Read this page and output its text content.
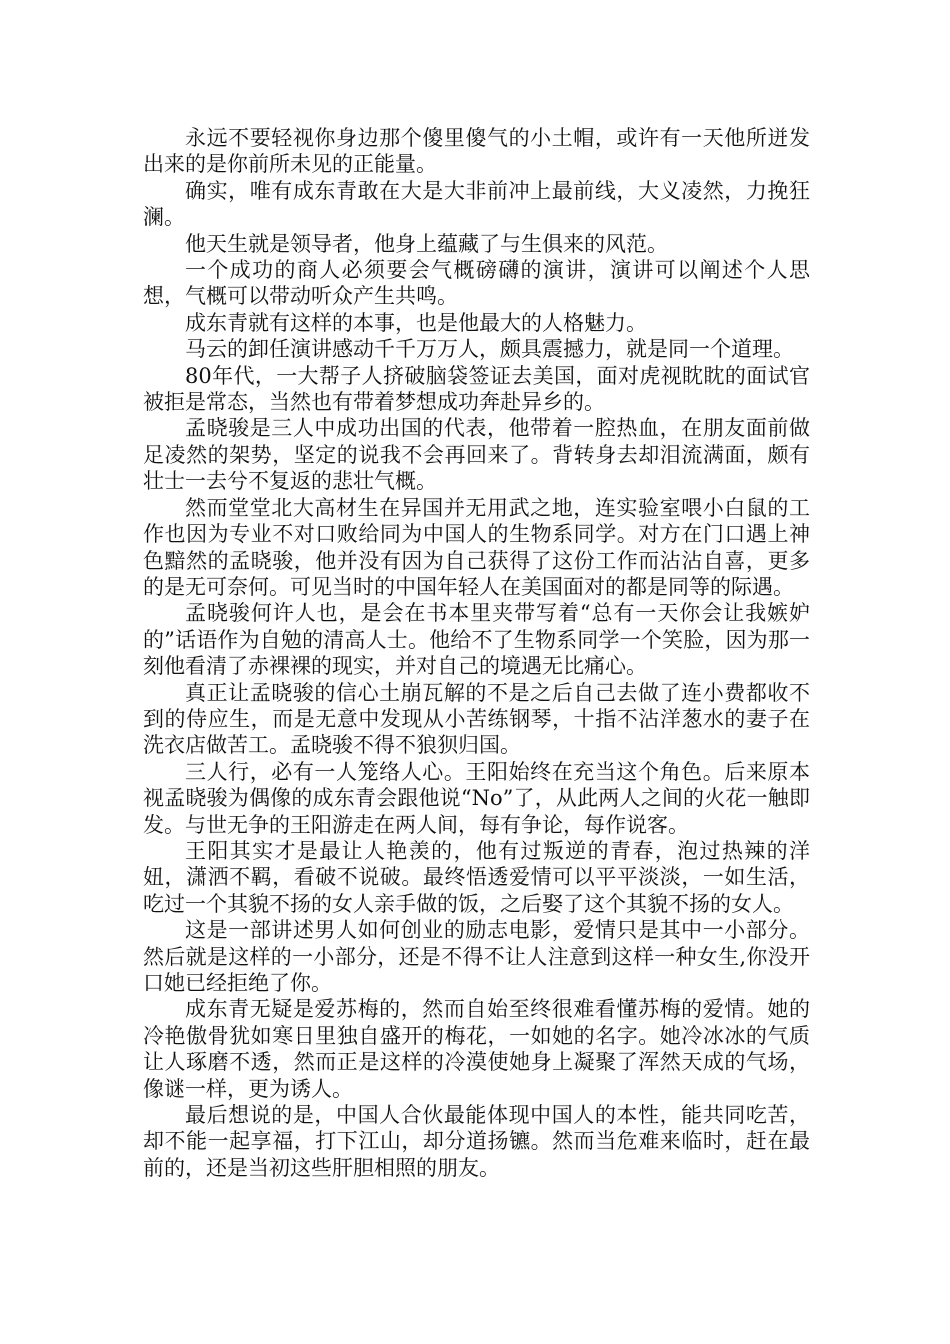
永远不要轻视你身边那个傻里傻气的小土帽，或许有一天他所迸发出来的是你前所未见的正能量。

确实，唯有成东青敢在大是大非前冲上最前线，大义凌然，力挽狂澜。

他天生就是领导者，他身上蕴藏了与生俱来的风范。

一个成功的商人必须要会气概磅礴的演讲，演讲可以阐述个人思想，气概可以带动听众产生共鸣。

成东青就有这样的本事，也是他最大的人格魅力。

马云的卸任演讲感动千千万万人，颇具震撼力，就是同一个道理。

80年代，一大帮子人挤破脑袋签证去美国，面对虎视眈眈的面试官被拒是常态，当然也有带着梦想成功奔赴异乡的。

孟晓骏是三人中成功出国的代表，他带着一腔热血，在朋友面前做足凌然的架势，坚定的说我不会再回来了。背转身去却泪流满面，颇有壮士一去兮不复返的悲壮气概。

然而堂堂北大高材生在异国并无用武之地，连实验室喂小白鼠的工作也因为专业不对口败给同为中国人的生物系同学。对方在门口遇上神色黯然的孟晓骏，他并没有因为自己获得了这份工作而沾沾自喜，更多的是无可奈何。可见当时的中国年轻人在美国面对的都是同等的际遇。

孟晓骏何许人也，是会在书本里夹带写着“总有一天你会让我嫉妒的”话语作为自勉的清高人士。他给不了生物系同学一个笑脸，因为那一刻他看清了赤裸裸的现实，并对自己的境遇无比痛心。

真正让孟晓骏的信心土崩瓦解的不是之后自己去做了连小费都收不到的侍应生，而是无意中发现从小苦练钢琴，十指不沾洋葱水的妻子在洗衣店做苦工。孟晓骏不得不狼狈归国。

三人行，必有一人笼络人心。王阳始终在充当这个角色。后来原本视孟晓骏为偶像的成东青会跟他说“No”了，从此两人之间的火花一触即发。与世无争的王阳游走在两人间，每有争论，每作说客。

王阳其实才是最让人艳羡的，他有过叛逆的青春，泡过热辣的洋妞，潇洒不羁，看破不说破。最终悟透爱情可以平平淡淡，一如生活，吃过一个其貌不扬的女人亲手做的饭，之后娶了这个其貌不扬的女人。

这是一部讲述男人如何创业的励志电影，爱情只是其中一小部分。然后就是这样的一小部分，还是不得不让人注意到这样一种女生,你没开口她已经拒绝了你。

成东青无疑是爱苏梅的，然而自始至终很难看懂苏梅的爱情。她的冷艳傲骨犹如寒日里独自盛开的梅花，一如她的名字。她冷冰冰的气质让人琢磨不透，然而正是这样的冷漠使她身上凝聚了浑然天成的气场，像谜一样，更为诱人。

最后想说的是，中国人合伙最能体现中国人的本性，能共同吃苦，却不能一起享福，打下江山，却分道扬镳。然而当危难来临时，赶在最前的，还是当初这些肝胆相照的朋友。
